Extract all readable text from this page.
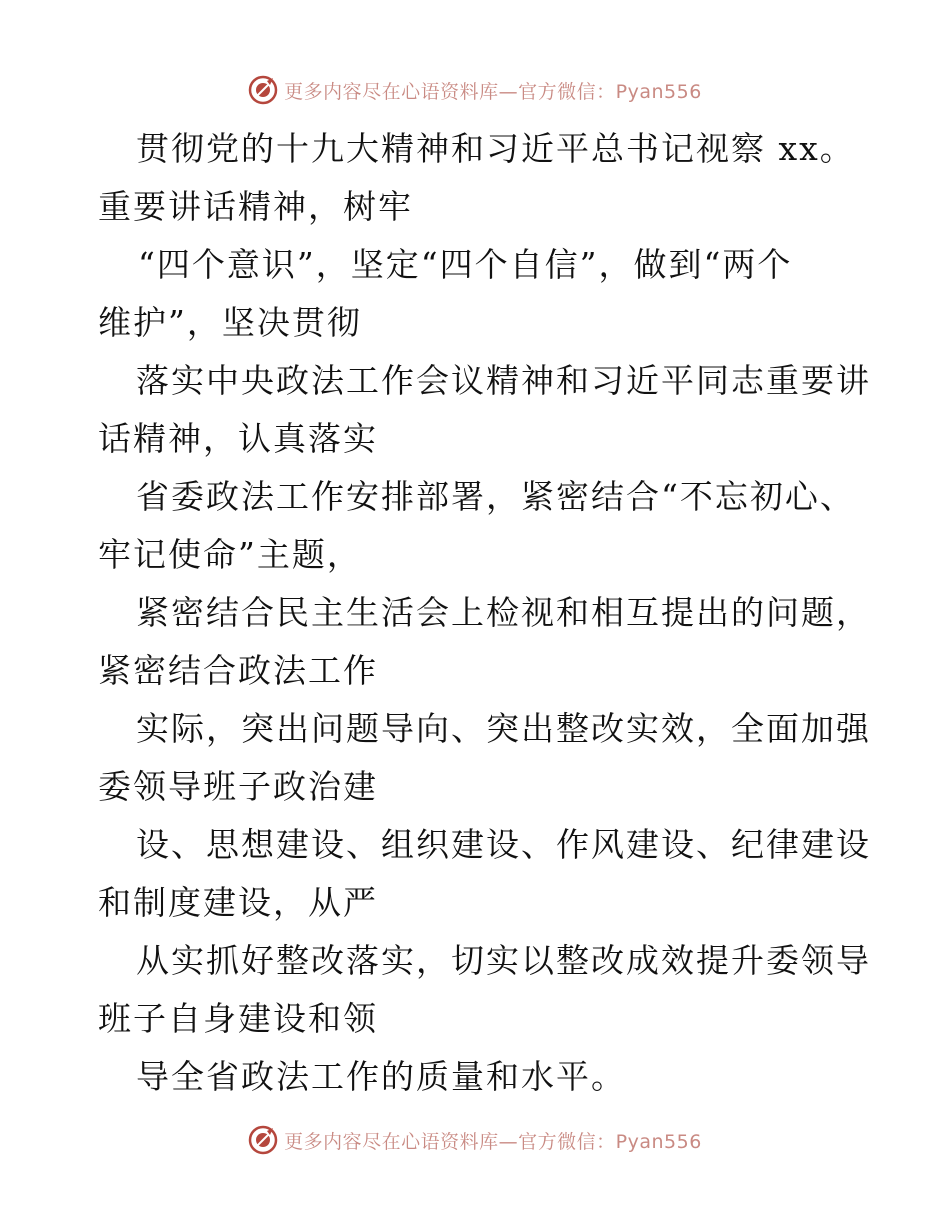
更多内容尽在心语资料库—官方微信：Pyan556
贯彻党的十九大精神和习近平总书记视察 xx。
重要讲话精神，树牢
“四个意识”，坚定“四个自信”，做到“两个
维护”，坚决贯彻
落实中央政法工作会议精神和习近平同志重要讲
话精神，认真落实
省委政法工作安排部署，紧密结合“不忘初心、
牢记使命”主题，
紧密结合民主生活会上检视和相互提出的问题，
紧密结合政法工作
实际，突出问题导向、突出整改实效，全面加强
委领导班子政治建
设、思想建设、组织建设、作风建设、纪律建设
和制度建设，从严
从实抓好整改落实，切实以整改成效提升委领导
班子自身建设和领
导全省政法工作的质量和水平。
更多内容尽在心语资料库—官方微信：Pyan556
